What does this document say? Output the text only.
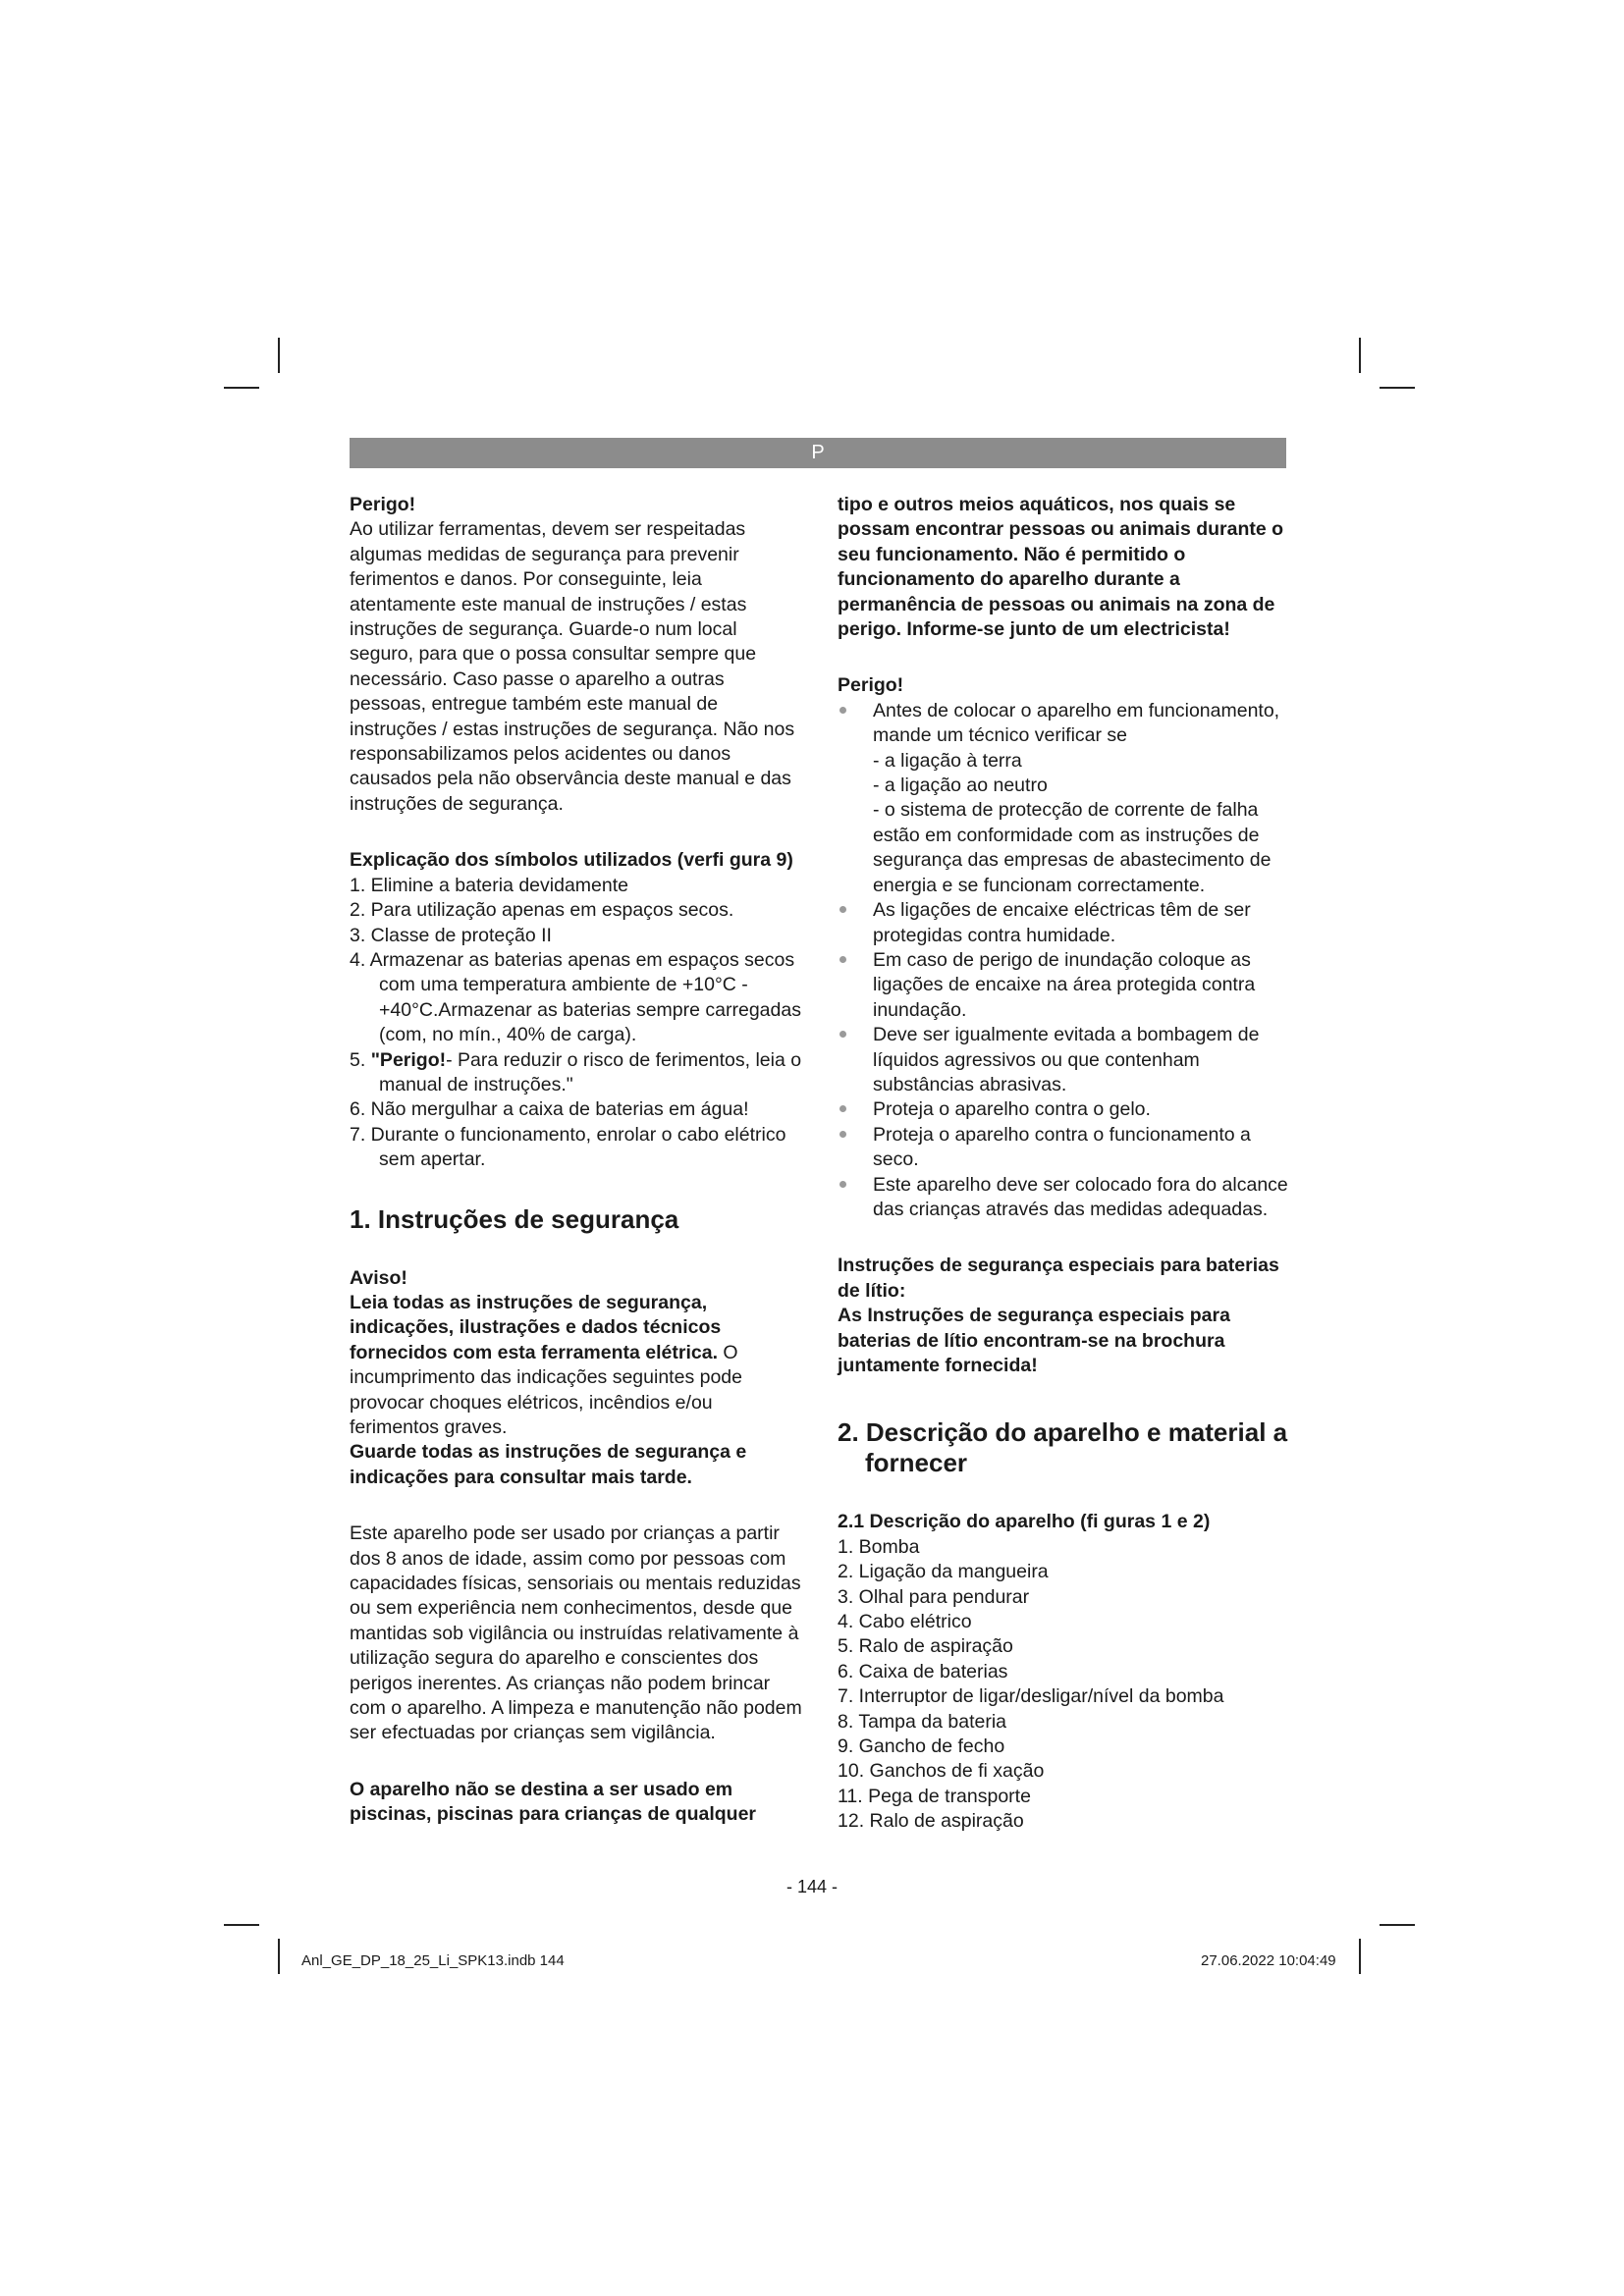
P

Perigo!

Ao utilizar ferramentas, devem ser respeitadas algumas medidas de segurança para prevenir ferimentos e danos. Por conseguinte, leia atentamente este manual de instruções / estas instruções de segurança. Guarde-o num local seguro, para que o possa consultar sempre que necessário. Caso passe o aparelho a outras pessoas, entregue também este manual de instruções / estas instruções de segurança. Não nos responsabilizamos pelos acidentes ou danos causados pela não observância deste manual e das instruções de segurança.

Explicação dos símbolos utilizados (verfi gura 9)

1. Elimine a bateria devidamente
2. Para utilização apenas em espaços secos.
3. Classe de proteção II
4. Armazenar as baterias apenas em espaços secos com uma temperatura ambiente de +10°C - +40°C.Armazenar as baterias sempre carregadas (com, no mín., 40% de carga).
5. "Perigo!- Para reduzir o risco de ferimentos, leia o manual de instruções."
6. Não mergulhar a caixa de baterias em água!
7. Durante o funcionamento, enrolar o cabo elétrico sem apertar.
1. Instruções de segurança

Aviso!

Leia todas as instruções de segurança, indicações, ilustrações e dados técnicos fornecidos com esta ferramenta elétrica. O incumprimento das indicações seguintes pode provocar choques elétricos, incêndios e/ou ferimentos graves.

Guarde todas as instruções de segurança e indicações para consultar mais tarde.

Este aparelho pode ser usado por crianças a partir dos 8 anos de idade, assim como por pessoas com capacidades físicas, sensoriais ou mentais reduzidas ou sem experiência nem conhecimentos, desde que mantidas sob vigilância ou instruídas relativamente à utilização segura do aparelho e conscientes dos perigos inerentes. As crianças não podem brincar com o aparelho. A limpeza e manutenção não podem ser efectuadas por crianças sem vigilância.

O aparelho não se destina a ser usado em piscinas, piscinas para crianças de qualquer

tipo e outros meios aquáticos, nos quais se possam encontrar pessoas ou animais durante o seu funcionamento. Não é permitido o funcionamento do aparelho durante a permanência de pessoas ou animais na zona de perigo. Informe-se junto de um electricista!

Perigo!

Antes de colocar o aparelho em funcionamento, mande um técnico verificar se
- a ligação à terra
- a ligação ao neutro
- o sistema de protecção de corrente de falha estão em conformidade com as instruções de segurança das empresas de abastecimento de energia e se funcionam correctamente.
As ligações de encaixe eléctricas têm de ser protegidas contra humidade.
Em caso de perigo de inundação coloque as ligações de encaixe na área protegida contra inundação.
Deve ser igualmente evitada a bombagem de líquidos agressivos ou que contenham substâncias abrasivas.
Proteja o aparelho contra o gelo.
Proteja o aparelho contra o funcionamento a seco.
Este aparelho deve ser colocado fora do alcance das crianças através das medidas adequadas.

Instruções de segurança especiais para baterias de lítio:

As Instruções de segurança especiais para baterias de lítio encontram-se na brochura juntamente fornecida!

2. Descrição do aparelho e material a fornecer

2.1 Descrição do aparelho (fi guras 1 e 2)

1. Bomba
2. Ligação da mangueira
3. Olhal para pendurar
4. Cabo elétrico
5. Ralo de aspiração
6. Caixa de baterias
7. Interruptor de ligar/desligar/nível da bomba
8. Tampa da bateria
9. Gancho de fecho
10. Ganchos de fi xação
11. Pega de transporte
12. Ralo de aspiração
- 144 -
Anl_GE_DP_18_25_Li_SPK13.indb 144	27.06.2022 10:04:49
